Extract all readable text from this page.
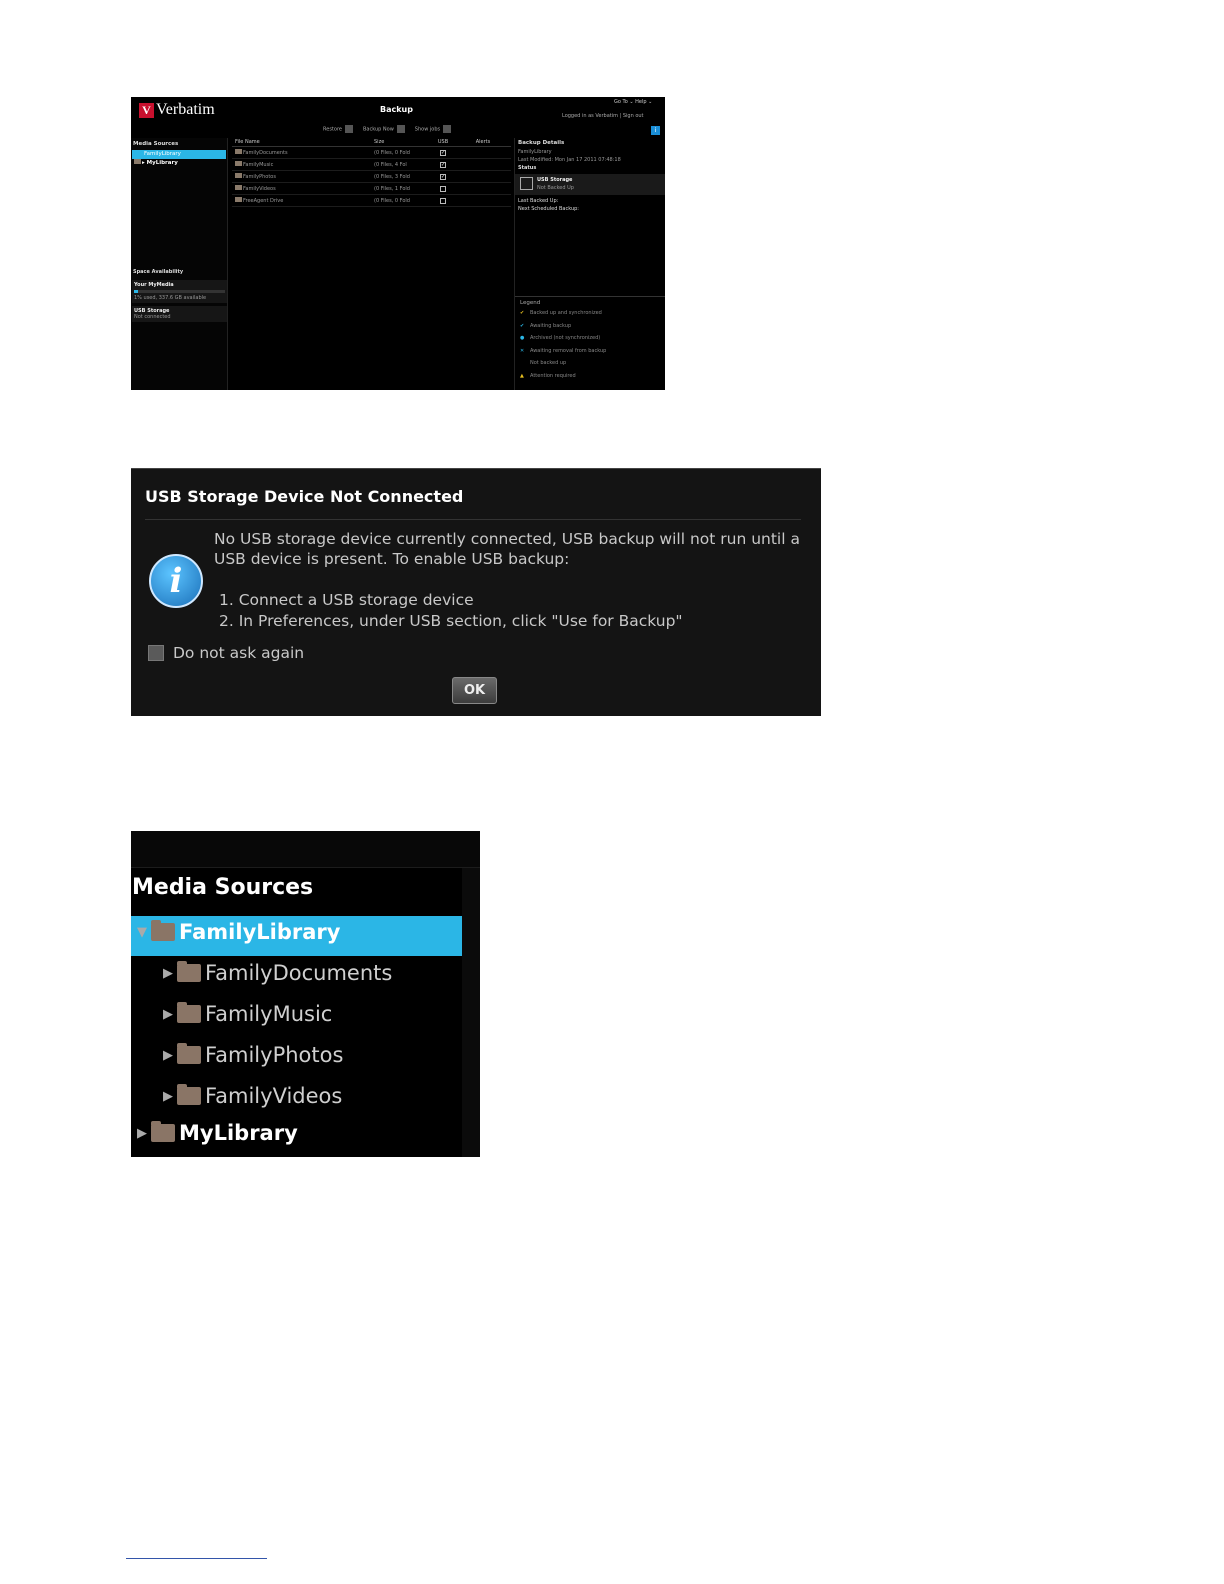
V Verbatim	Backup
Go To ⌄ Help ⌄
Logged in as Verbatim | Sign out
Restore	Backup Now	Show jobs	i
Media Sources
FamilyLibrary
▸ MyLibrary
Space Availability
Your MyMedia
1% used, 337.6 GB available
USB Storage
Not connected
File Name	Size	USB	Alerts
FamilyDocuments	(0 Files, 0 Fold	✓
FamilyMusic	(0 Files, 4 Fol	✓
FamilyPhotos	(0 Files, 3 Fold	✓
FamilyVideos	(0 Files, 1 Fold
FreeAgent Drive	(0 Files, 0 Fold
Backup Details
FamilyLibrary
Last Modified: Mon Jan 17 2011 07:48:18
Status
USB Storage
Not Backed Up
Last Backed Up:
Next Scheduled Backup:
Legend
✔ Backed up and synchronized
✔ Awaiting backup
● Archived (not synchronized)
✕ Awaiting removal from backup
Not backed up
▲ Attention required
USB Storage Device Not Connected
i
No USB storage device currently connected, USB backup will not run until a USB device is present. To enable USB backup:
1. Connect a USB storage device
2. In Preferences, under USB section, click "Use for Backup"
Do not ask again
OK
Media Sources
▼ FamilyLibrary
▶ FamilyDocuments
▶ FamilyMusic
▶ FamilyPhotos
▶ FamilyVideos
▶ MyLibrary
